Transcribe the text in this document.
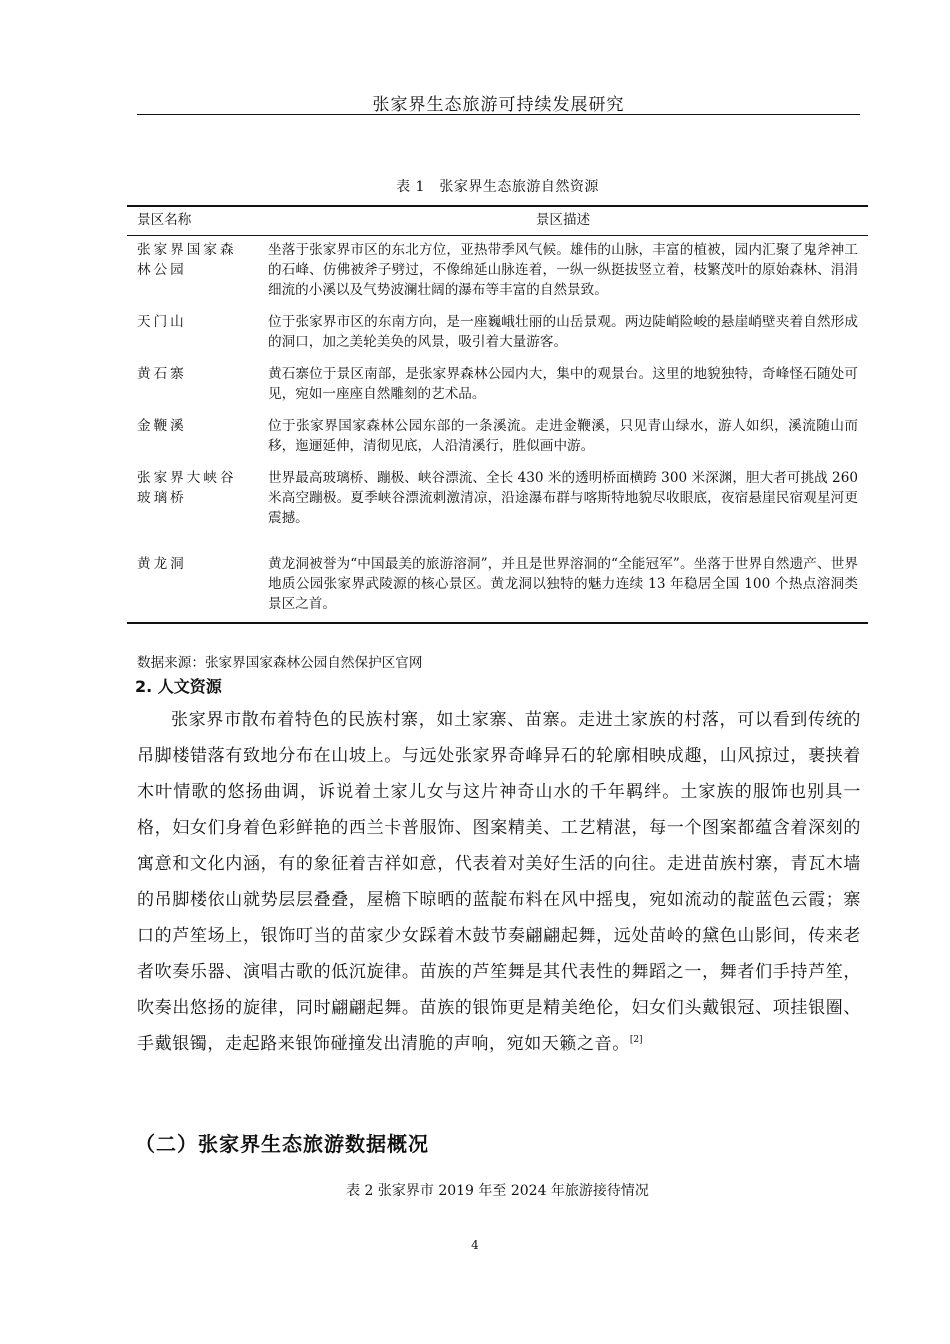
张家界生态旅游可持续发展研究
表 1　张家界生态旅游自然资源
景区名称	景区描述
张家界国家森林公园	坐落于张家界市区的东北方位，亚热带季风气候。雄伟的山脉，丰富的植被，园内汇聚了鬼斧神工的石峰、仿佛被斧子劈过，不像绵延山脉连着，一纵一纵挺拔竖立着，枝繁茂叶的原始森林、涓涓细流的小溪以及气势波澜壮阔的瀑布等丰富的自然景致。
天门山	位于张家界市区的东南方向，是一座巍峨壮丽的山岳景观。两边陡峭险峻的悬崖峭壁夹着自然形成的洞口，加之美轮美奂的风景，吸引着大量游客。
黄石寨	黄石寨位于景区南部，是张家界森林公园内大，集中的观景台。这里的地貌独特，奇峰怪石随处可见，宛如一座座自然雕刻的艺术品。
金鞭溪	位于张家界国家森林公园东部的一条溪流。走进金鞭溪，只见青山绿水，游人如织，溪流随山而移，迤逦延伸，清彻见底，人沿清溪行，胜似画中游。
张家界大峡谷玻璃桥	世界最高玻璃桥、蹦极、峡谷漂流、全长 430 米的透明桥面横跨 300 米深渊，胆大者可挑战 260 米高空蹦极。夏季峡谷漂流刺激清凉，沿途瀑布群与喀斯特地貌尽收眼底，夜宿悬崖民宿观星河更震撼。
黄龙洞	黄龙洞被誉为“中国最美的旅游溶洞”，并且是世界溶洞的“全能冠军”。坐落于世界自然遗产、世界地质公园张家界武陵源的核心景区。黄龙洞以独特的魅力连续 13 年稳居全国 100 个热点溶洞类景区之首。
数据来源：张家界国家森林公园自然保护区官网
2. 人文资源

张家界市散布着特色的民族村寨，如土家寨、苗寨。走进土家族的村落，可以看到传统的吊脚楼错落有致地分布在山坡上。与远处张家界奇峰异石的轮廓相映成趣，山风掠过，裹挟着木叶情歌的悠扬曲调，诉说着土家儿女与这片神奇山水的千年羁绊。土家族的服饰也别具一格，妇女们身着色彩鲜艳的西兰卡普服饰、图案精美、工艺精湛，每一个图案都蕴含着深刻的寓意和文化内涵，有的象征着吉祥如意，代表着对美好生活的向往。走进苗族村寨，青瓦木墙的吊脚楼依山就势层层叠叠，屋檐下晾晒的蓝靛布料在风中摇曳，宛如流动的靛蓝色云霞；寨口的芦笙场上，银饰叮当的苗家少女踩着木鼓节奏翩翩起舞，远处苗岭的黛色山影间，传来老者吹奏乐器、演唱古歌的低沉旋律。苗族的芦笙舞是其代表性的舞蹈之一，舞者们手持芦笙，吹奏出悠扬的旋律，同时翩翩起舞。苗族的银饰更是精美绝伦，妇女们头戴银冠、项挂银圈、手戴银镯，走起路来银饰碰撞发出清脆的声响，宛如天籁之音。[2]

（二）张家界生态旅游数据概况
表 2 张家界市 2019 年至 2024 年旅游接待情况
4
